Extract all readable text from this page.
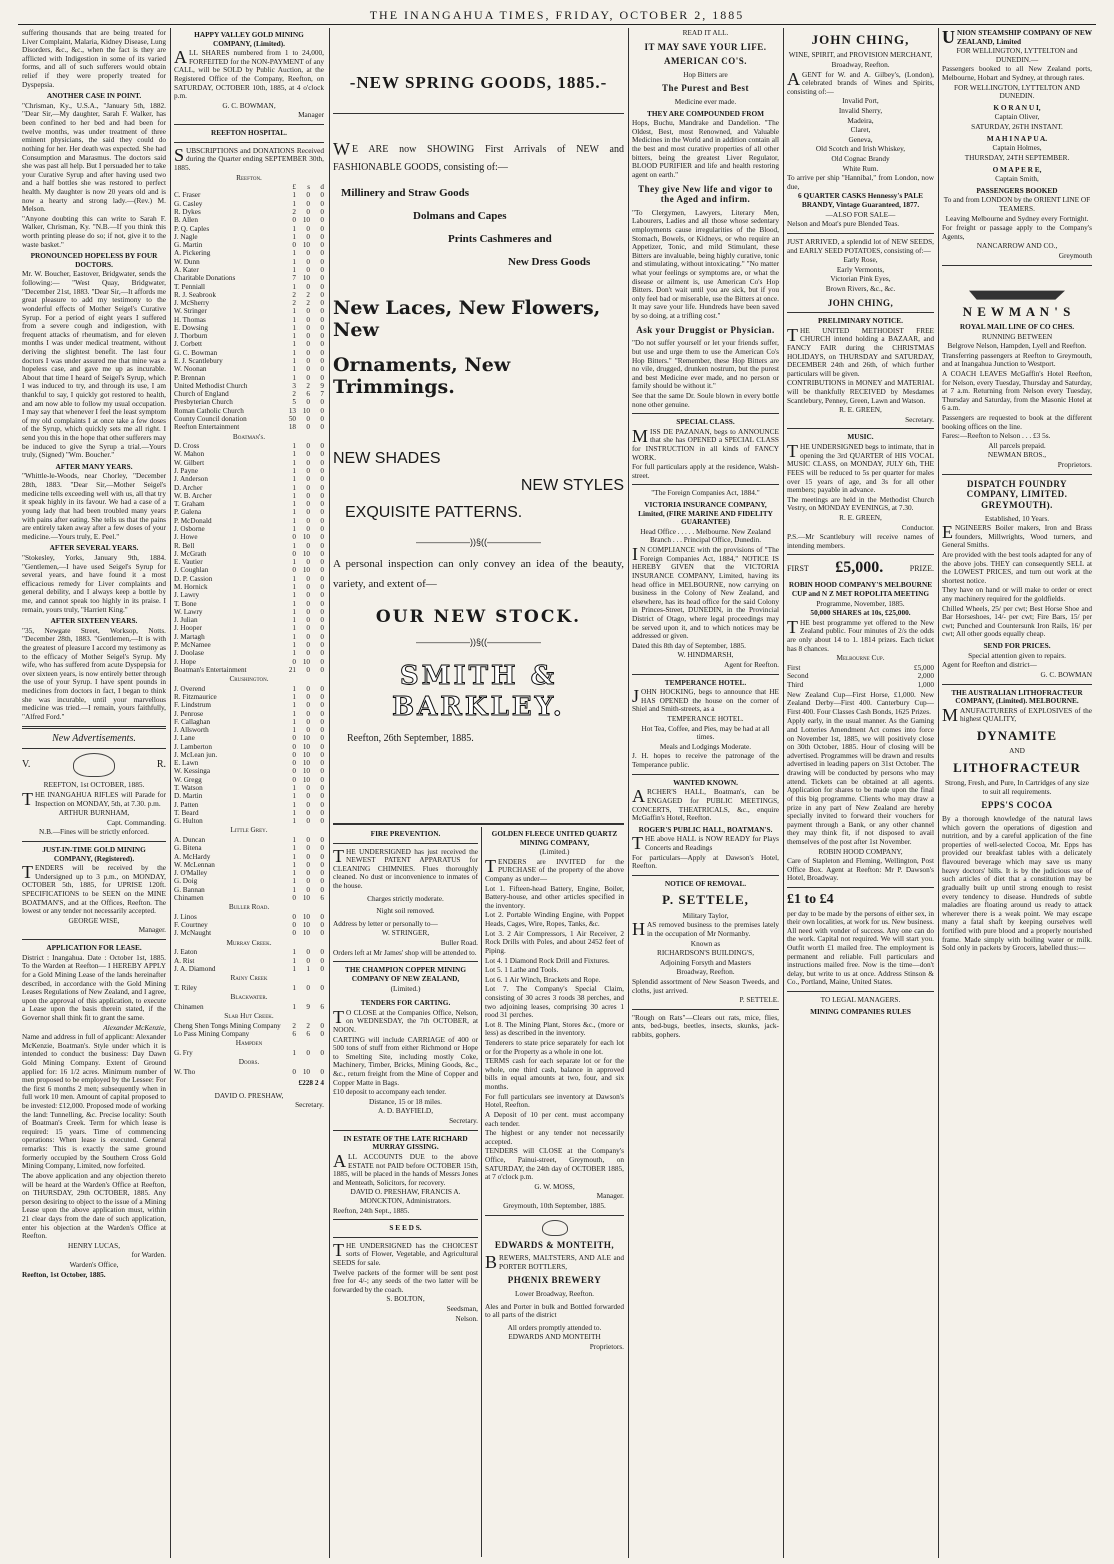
THE INANGAHUA TIMES, FRIDAY, OCTOBER 2, 1885
suffering thousands that are being treated for Liver Complaint, Malaria, Kidney Disease, Lung Disorders, &c., &c., when the fact is they are afflicted with Indigestion in some of its varied forms, and all of such sufferers would obtain relief if they were properly treated for Dyspepsia.
ANOTHER CASE IN POINT.
"Chrisman, Ky., U.S.A., "January 5th, 1882. "Dear Sir,—My daughter, Sarah F. Walker, has been confined to her bed and had been for twelve months, was under treatment of three eminent physicians, the said they could do nothing for her. Her death was expected. She had Consumption and Marasmus. The doctors said she was past all help. But I persuaded her to take your Curative Syrup and after having used two and a half bottles she was restored to perfect health. My daughter is now 20 years old and is now a hearty and strong lady.—(Rev.) M. Melson.
"Anyone doubting this can write to Sarah F. Walker, Chrisman, Ky. "N.B.—If you think this worth printing please do so; if not, give it to the waste basket."
PRONOUNCED HOPELESS BY FOUR DOCTORS.
Mr. W. Boucher, Eastover, Bridgwater, sends the following:— "West Quay, Bridgwater, "December 21st, 1883. "Dear Sir,—It affords me great pleasure to add my testimony to the wonderful effects of Mother Seigel's Curative Syrup. For a period of eight years I suffered from a severe cough and indigestion, with frequent attacks of rheumatism, and for eleven months I was under medical treatment, without deriving the slightest benefit. The last four doctors I was under assured me that mine was a hopeless case, and gave me up as incurable. About that time I heard of Seigel's Syrup, which I was induced to try, and through its use, I am thankful to say, I quickly got restored to health, and am now able to follow my usual occupation. I may say that whenever I feel the least symptom of my old complaints I at once take a few doses of the Syrup, which quickly sets me all right. I send you this in the hope that other sufferers may be induced to give the Syrup a trial.—Yours truly, (Signed) "Wm. Boucher."
AFTER MANY YEARS.
"Whittle-le-Woods, near Chorley, "December 28th, 1883. "Dear Sir,—Mother Seigel's medicine tells exceeding well with us, all that try it speak highly in its favour. We had a case of a young lady that had been troubled many years with pains after eating. She tells us that the pains are entirely taken away after a few doses of your medicine.—Yours truly, E. Peel."
AFTER SEVERAL YEARS.
"Stokesley, Yorks, January 9th, 1884. "Gentlemen,—I have used Seigel's Syrup for several years, and have found it a most efficacious remedy for Liver complaints and general debility, and I always keep a bottle by me, and cannot speak too highly in its praise. I remain, yours truly, "Harriett King."
AFTER SIXTEEN YEARS.
"35, Newgate Street, Worksop, Notts. "December 28th, 1883. "Gentlemen,—It is with the greatest of pleasure I accord my testimony as to the efficacy of Mother Seigel's Syrup. My wife, who has suffered from acute Dyspepsia for over sixteen years, is now entirely better through the use of your Syrup. I have spent pounds in medicines from doctors in fact, I began to think she was incurable, until your marvellous medicine was tried.—I remain, yours faithfully, "Alfred Ford."
New Advertisements.
V.	R.
REEFTON, 1st OCTOBER, 1885.
THE INANGAHUA RIFLES will Parade for Inspection on MONDAY, 5th, at 7.30. p.m.
ARTHUR BURNHAM,
Capt. Commanding.
N.B.—Fines will be strictly enforced.
JUST-IN-TIME GOLD MINING COMPANY, (Registered).
TENDERS will be received by the Undersigned up to 3 p.m., on MONDAY, OCTOBER 5th, 1885, for UPRISE 120ft. SPECIFICATIONS to be SEEN on the MINE BOATMAN'S, and at the Offices, Reefton. The lowest or any tender not necessarily accepted.
GEORGE WISE,
Manager.
APPLICATION FOR LEASE.
District : Inangahua. Date : October 1st, 1885. To the Warden at Reefton— I HEREBY APPLY for a Gold Mining Lease of the lands hereinafter described, in accordance with the Gold Mining Leases Regulations of New Zealand, and I agree, upon the approval of this application, to execute a Lease upon the basis therein stated, if the Governor shall think fit to grant the same.
Alexander McKenzie,
Name and address in full of applicant: Alexander McKenzie, Boatman's. Style under which it is intended to conduct the business: Day Dawn Gold Mining Company. Extent of Ground applied for: 16 1/2 acres. Minimum number of men proposed to be employed by the Lessee: For the first 6 months 2 men; subsequently when in full work 10 men. Amount of capital proposed to be invested: £12,000. Proposed mode of working the land: Tunnelling, &c. Precise locality: South of Boatman's Creek. Term for which lease is required: 15 years. Time of commencing operations: When lease is executed. General remarks: This is exactly the same ground formerly occupied by the Southern Cross Gold Mining Company, Limited, now forfeited.
The above application and any objection thereto will be heard at the Warden's Office at Reefton, on THURSDAY, 29th OCTOBER, 1885. Any person desiring to object to the issue of a Mining Lease upon the above application must, within 21 clear days from the date of such application, enter his objection at the Warden's Office at Reefton.
HENRY LUCAS,
for Warden.
Warden's Office,
Reefton, 1st October, 1885.
HAPPY VALLEY GOLD MINING COMPANY, (Limited).
ALL SHARES numbered from 1 to 24,000, FORFEITED for the NON-PAYMENT of any CALL, will be SOLD by Public Auction, at the Registered Office of the Company, Reefton, on SATURDAY, OCTOBER 10th, 1885, at 4 o'clock p.m.
G. C. BOWMAN,
Manager
REEFTON HOSPITAL.
SUBSCRIPTIONS and DONATIONS Received during the Quarter ending SEPTEMBER 30th, 1885.
Reefton.
	£	s	d
C. Fraser	1	0	0
G. Casley	1	0	0
R. Dykes	2	0	0
B. Allen	0	10	0
P. Q. Caples	1	0	0
J. Nagle	1	0	0
G. Martin	0	10	0
A. Pickering	1	0	0
W. Dunn	1	0	0
A. Kater	1	0	0
Charitable Donations	7	10	0
T. Penniall	1	0	0
R. J. Seabrook	2	2	0
J. McSherry	2	2	0
W. Stringer	1	0	0
H. Thomas	1	0	0
E. Dowsing	1	0	0
J. Thorburn	1	0	0
J. Corbett	1	0	0
G. C. Bowman	1	0	0
E. J. Scantlebury	1	0	0
W. Noonan	1	0	0
P. Brennan	1	0	0
United Methodist Church	3	2	9
Church of England	2	6	7
Presbyterian Church	5	0	0
Roman Catholic Church	13	10	0
County Council donation	50	0	0
Reefton Entertainment	18	0	0
Boatman's.
D. Cross	1	0	0
W. Mahon	1	0	0
W. Gilbert	1	0	0
J. Payne	1	0	0
J. Anderson	1	0	0
D. Archer	1	0	0
W. B. Archer	1	0	0
T. Graham	1	0	0
P. Galena	1	0	0
P. McDonald	1	0	0
J. Osborne	1	0	0
J. Howe	0	10	0
R. Bell	1	0	0
J. McGrath	0	10	0
E. Vautier	1	0	0
J. Coughlan	0	10	0
D. P. Cassion	1	0	0
M. Hornick	1	0	0
J. Lawry	1	0	0
T. Bone	1	0	0
W. Lawry	1	0	0
J. Julian	1	0	0
J. Hooper	1	0	0
J. Martagh	1	0	0
P. McNamee	1	0	0
J. Doolase	1	0	0
J. Hope	0	10	0
Boatman's Entertainment	21	0	0
Crushington.
J. Overend	1	0	0
R. Fitzmaurice	1	0	0
F. Lindstrum	1	0	0
J. Penrose	1	0	0
F. Callaghan	1	0	0
J. Allsworth	1	0	0
J. Lane	0	10	0
J. Lamberton	0	10	0
J. McLean jun.	0	10	0
E. Lawn	0	10	0
W. Kessinga	0	10	0
W. Gregg	0	10	0
T. Watson	1	0	0
D. Martin	1	0	0
J. Patten	1	0	0
T. Beard	1	0	0
G. Hulton	1	0	0
Little Grey.
A. Duncan	1	0	0
G. Bitena	1	0	0
A. McHardy	1	0	0
W. McLennan	1	0	0
J. O'Malley	1	0	0
G. Doig	1	0	0
G. Bannan	1	0	0
Chinamen	0	10	6
Buller Road.
J. Linos	0	10	0
F. Courtney	0	10	0
J. McNaught	0	10	0
Murray Creek.
J. Eaton	1	0	0
A. Rist	1	0	0
J. A. Diamond	1	1	0
Rainy Creek
T. Riley	1	0	0
Blackwater.
Chinamen	1	9	6
Slab Hut Creek.
Cheng Shen Tongs Mining Company	2	2	0
Lo Pass Mining Company	6	6	0
Hampden
G. Fry	1	0	0
Doors.
W. Tho	0	10	0
£228 2 4
DAVID O. PRESHAW,
Secretary.
-NEW SPRING GOODS, 1885.-
WE ARE now SHOWING First Arrivals of NEW and FASHIONABLE GOODS, consisting of:—
Millinery and Straw Goods
Dolmans and Capes
Prints Cashmeres and
New Dress Goods
New Laces, New Flowers, New
Ornaments, New Trimmings.
NEW SHADES
NEW STYLES
EXQUISITE PATTERNS.
——————))§((——————
A personal inspection can only convey an idea of the beauty, variety, and extent of—
OUR NEW STOCK.
——————))§((——————
SMITH & BARKLEY.
Reefton, 26th September, 1885.
FIRE PREVENTION.
THE UNDERSIGNED has just received the NEWEST PATENT APPARATUS for CLEANING CHIMNIES. Flues thoroughly cleaned. No dust or inconvenience to inmates of the house.
Charges strictly moderate.
Night soil removed.
Address by letter or personally to—
W. STRINGER,
Buller Road.
Orders left at Mr James' shop will be attended to.
THE CHAMPION COPPER MINING COMPANY OF NEW ZEALAND,
(Limited.)
TENDERS FOR CARTING.
TO CLOSE at the Companies Office, Nelson, on WEDNESDAY, the 7th OCTOBER, at NOON.
CARTING will include CARRIAGE of 400 or 500 tons of stuff from either Richmond or Hope to Smelting Site, including mostly Coke, Machinery, Timber, Bricks, Mining Goods, &c., &c., return freight from the Mine of Copper and Copper Matte in Bags.
£10 deposit to accompany each tender.
Distance, 15 or 18 miles.
A. D. BAYFIELD,
Secretary.
IN ESTATE OF THE LATE RICHARD MURRAY GISSING.
ALL ACCOUNTS DUE to the above ESTATE not PAID before OCTOBER 15th, 1885, will be placed in the hands of Messrs Jones and Menteath, Solicitors, for recovery.
DAVID O. PRESHAW, FRANCIS A. MONCKTON, Administrators.
Reefton, 24th Sept., 1885.
S E E D S.
THE UNDERSIGNED has the CHOICEST sorts of Flower, Vegetable, and Agricultural SEEDS for sale.
Twelve packets of the former will be sent post free for 4/-; any seeds of the two latter will be forwarded by the coach.
S. BOLTON,
Seedsman,
Nelson.
GOLDEN FLEECE UNITED QUARTZ MINING COMPANY,
(Limited.)
TENDERS are INVITED for the PURCHASE of the property of the above Company as under—
Lot 1. Fifteen-head Battery, Engine, Boiler, Battery-house, and other articles specified in the inventory.
Lot 2. Portable Winding Engine, with Poppet Heads, Cages, Wire, Ropes, Tanks, &c.
Lot 3. 2 Air Compressors, 1 Air Receiver, 2 Rock Drills with Poles, and about 2452 feet of Piping.
Lot 4. 1 Diamond Rock Drill and Fixtures.
Lot 5. 1 Lathe and Tools.
Lot 6. 1 Air Winch, Brackets and Rope.
Lot 7. The Company's Special Claim, consisting of 30 acres 3 roods 38 perches, and two adjoining leases, comprising 30 acres 1 rood 31 perches.
Lot 8. The Mining Plant, Stores &c., (more or less) as described in the inventory.
Tenderers to state price separately for each lot or for the Property as a whole in one lot.
TERMS cash for each separate lot or for the whole, one third cash, balance in approved bills in equal amounts at two, four, and six months.
For full particulars see inventory at Dawson's Hotel, Reefton.
A Deposit of 10 per cent. must accompany each tender.
The highest or any tender not necessarily accepted.
TENDERS will CLOSE at the Company's Office, Painui-street, Greymouth, on SATURDAY, the 24th day of OCTOBER 1885, at 7 o'clock p.m.
G. W. MOSS,
Manager.
Greymouth, 10th September, 1885.
EDWARDS & MONTEITH,
BREWERS, MALTSTERS, AND ALE and PORTER BOTTLERS,
PHŒNIX BREWERY
Lower Broadway, Reefton.
Ales and Porter in bulk and Bottled forwarded to all parts of the district
All orders promptly attended to.
EDWARDS AND MONTEITH
Proprietors.
READ IT ALL.
IT MAY SAVE YOUR LIFE.
AMERICAN CO'S.
Hop Bitters are
The Purest and Best
Medicine ever made.
THEY ARE COMPOUNDED FROM
Hops, Buchu, Mandrake and Dandelion. "The Oldest, Best, most Renowned, and Valuable Medicines in the World and in addition contain all the best and most curative properties of all other bitters, being the greatest Liver Regulator, BLOOD PURIFIER and life and health restoring agent on earth."
They give New life and vigor to the Aged and infirm.
"To Clergymen, Lawyers, Literary Men, Labourers, Ladies and all those whose sedentary employments cause irregularities of the Blood, Stomach, Bowels, or Kidneys, or who require an Appetizer, Tonic, and mild Stimulant, these Bitters are invaluable, being highly curative, tonic and stimulating, without intoxicating." "No matter what your feelings or symptoms are, or what the disease or ailment is, use American Co's Hop Bitters. Don't wait until you are sick, but if you only feel bad or miserable, use the Bitters at once. It may save your life. Hundreds have been saved by so doing, at a trifling cost."
Ask your Druggist or Physician.
"Do not suffer yourself or let your friends suffer, but use and urge them to use the American Co's Hop Bitters." "Remember, these Hop Bitters are no vile, drugged, drunken nostrum, but the purest and best Medicine ever made, and no person or family should be without it."
See that the same Dr. Soule blown in every bottle none other genuine.
SPECIAL CLASS.
MISS DE PAZANAN, begs to ANNOUNCE that she has OPENED a SPECIAL CLASS for INSTRUCTION in all kinds of FANCY WORK.
For full particulars apply at the residence, Walsh-street.
"The Foreign Companies Act, 1884."
VICTORIA INSURANCE COMPANY, Limited, (FIRE MARINE AND FIDELITY GUARANTEE)
Head Office . . . . . Melbourne. New Zealand Branch . . . Principal Office, Dunedin.
IN COMPLIANCE with the provisions of "The Foreign Companies Act, 1884," NOTICE IS HEREBY GIVEN that the VICTORIA INSURANCE COMPANY, Limited, having its head office in MELBOURNE, now carrying on business in the Colony of New Zealand, and elsewhere, has its head office for the said Colony in Princes-Street, DUNEDIN, in the Provincial District of Otago, where legal proceedings may be served upon it, and to which notices may be addressed or given.
Dated this 8th day of September, 1885.
W. HINDMARSH,
Agent for Reefton.
TEMPERANCE HOTEL.
JOHN HOCKING, begs to announce that HE HAS OPENED the house on the corner of Shiel and Smith-streets, as a
TEMPERANCE HOTEL.
Hot Tea, Coffee, and Pies, may be had at all times.
Meals and Lodgings Moderate.
J. H. hopes to receive the patronage of the Temperance public.
WANTED KNOWN.
ARCHER'S HALL, Boatman's, can be ENGAGED for PUBLIC MEETINGS, CONCERTS, THEATRICALS, &c., enquire McGaffin's Hotel, Reefton.
ROGER'S PUBLIC HALL, BOATMAN'S.
THE above HALL is NOW READY for Plays Concerts and Readings
For particulars—Apply at Dawson's Hotel, Reefton.
NOTICE OF REMOVAL.
P. SETTELE,
Military Taylor,
HAS removed business to the premises lately in the occupation of Mr Normanby.
Known as
RICHARDSON'S BUILDING'S,
Adjoining Forsyth and Masters
Broadway, Reefton.
Splendid assortment of New Season Tweeds, and cloths, just arrived.
P. SETTELE.
"Rough on Rats"—Clears out rats, mice, flies, ants, bed-bugs, beetles, insects, skunks, jack-rabbits, gophers.
JOHN CHING,
WINE, SPIRIT, and PROVISION MERCHANT,
Broadway, Reefton.
AGENT for W. and A. Gilbey's, (London), celebrated brands of Wines and Spirits, consisting of:—
Invalid Port,
Invalid Sherry,
Madeira,
Claret,
Geneva,
Old Scotch and Irish Whiskey,
Old Cognac Brandy
White Rum.
To arrive per ship "Hannibal," from London, now due,
6 QUARTER CASKS Hennessy's PALE BRANDY, Vintage Guaranteed, 1877.
—ALSO FOR SALE—
Nelson and Moat's pure Blended Teas.
JUST ARRIVED, a splendid lot of NEW SEEDS, and EARLY SEED POTATOES, consisting of:—
Early Rose,
Early Vermonts,
Victorian Pink Eyes,
Brown Rivers, &c., &c.
JOHN CHING,
PRELIMINARY NOTICE.
THE UNITED METHODIST FREE CHURCH intend holding a BAZAAR, and FANCY FAIR during the CHRISTMAS HOLIDAYS, on THURSDAY and SATURDAY, DECEMBER 24th and 26th, of which further particulars will be given.
CONTRIBUTIONS in MONEY and MATERIAL will be thankfully RECEIVED by Mesdames Scantlebury, Penney, Green, Lawn and Watson.
R. E. GREEN,
Secretary.
MUSIC.
THE UNDERSIGNED begs to intimate, that in opening the 3rd QUARTER of HIS VOCAL MUSIC CLASS, on MONDAY, JULY 6th, THE FEES will be reduced to 5s per quarter for males over 15 years of age, and 3s for all other members; payable in advance.
The meetings are held in the Methodist Church Vestry, on MONDAY EVENINGS, at 7.30.
R. E. GREEN,
Conductor.
P.S.—Mr Scantlebury will receive names of intending members.
FIRST £5,000.	PRIZE.
ROBIN HOOD COMPANY'S MELBOURNE CUP and N Z MET ROPOLITA MEETING
Programme, November, 1885.
50,000 SHARES at 10s, £25,000.
THE best programme yet offered to the New Zealand public. Four minutes of 2/s the odds are only about 14 to 1. 1814 prizes. Each ticket has 8 chances.
Melbourne Cup.
First	£5,000
Second	2,000
Third	1,000
New Zealand Cup—First Horse, £1,000. New Zealand Derby—First 400. Canterbury Cup—First 400. Four Classes Cash Bonds, 1625 Prizes.
Apply early, in the usual manner. As the Gaming and Lotteries Amendment Act comes into force on November 1st, 1885, we will positively close on 30th October, 1885. Hour of closing will be advertised. Programmes will be drawn and results advertised in leading papers on 31st October. The drawing will be conducted by persons who may attend. Tickets can be obtained at all agents. Application for shares to be made upon the final of this big programme. Clients who may draw a prize in any part of New Zealand are hereby specially invited to forward their vouchers for payment through a Bank, or any other channel they may think fit, if not disposed to avail themselves of the post after 1st November.
ROBIN HOOD COMPANY,
Care of Stapleton and Fleming, Wellington, Post Office Box. Agent at Reefton: Mr P. Dawson's Hotel, Broadway.
£1 to £4
per day to be made by the persons of either sex, in their own localities, at work for us. New business. All need with vonder of success. Any one can do the work. Capital not required. We will start you. Outfit worth £1 mailed free. The employment is permanent and reliable. Full particulars and instructions mailed free. Now is the time—don't delay, but write to us at once. Address Stinson & Co., Portland, Maine, United States.
TO LEGAL MANAGERS.
MINING COMPANIES RULES
UNION STEAMSHIP COMPANY OF NEW ZEALAND, Limited
FOR WELLINGTON, LYTTELTON and DUNEDIN.—
Passengers booked to all New Zealand ports, Melbourne, Hobart and Sydney, at through rates.
FOR WELLINGTON, LYTTELTON AND DUNEDIN.
K O R A N U I,
Captain Oliver,
SATURDAY, 26TH INSTANT.
M A H I N A P U A.
Captain Holmes,
THURSDAY, 24TH SEPTEMBER.
O M A P E R E,
Captain Smith,
PASSENGERS BOOKED
To and from LONDON by the ORIENT LINE OF TEAMERS.
Leaving Melbourne and Sydney every Fortnight.
For freight or passage apply to the Company's Agents,
NANCARROW AND CO.,
Greymouth
N E W M A N ' S
ROYAL MAIL LINE OF CO CHES.
RUNNING BETWEEN
Belgrove Nelson, Hampden, Lyell and Reefton.
Transferring passengers at Reefton to Greymouth, and at Inangahua Junction to Westport.
A COACH LEAVES McGaffin's Hotel Reefton, for Nelson, every Tuesday, Thursday and Saturday, at 7 a.m. Returning from Nelson every Tuesday, Thursday and Saturday, from the Masonic Hotel at 6 a.m.
Passengers are requested to book at the different booking offices on the line.
Fares:—Reefton to Nelson . . . £3 5s.
All parcels prepaid.
NEWMAN BROS.,
Proprietors.
DISPATCH FOUNDRY COMPANY, LIMITED. GREYMOUTH).
Established, 10 Years.
ENGINEERS Boiler makers, Iron and Brass founders, Millwrights, Wood turners, and General Smiths.
Are provided with the best tools adapted for any of the above jobs. THEY can consequently SELL at the LOWEST PRICES, and turn out work at the shortest notice.
They have on hand or will make to order or erect any machinery required for the goldfields.
Chilled Wheels, 25/ per cwt; Best Horse Shoe and Bar Horseshoes, 14/- per cwt; Fire Bars, 15/ per cwt; Punched and Countersunk Iron Rails, 16/ per cwt; All other goods equally cheap.
SEND FOR PRICES.
Special attention given to repairs.
Agent for Reefton and district—
G. C. BOWMAN
THE AUSTRALIAN LITHOFRACTEUR COMPANY, (Limited). MELBOURNE.
MANUFACTURERS of EXPLOSIVES of the highest QUALITY,
DYNAMITE
AND
LITHOFRACTEUR
Strong, Fresh, and Pure, In Cartridges of any size to suit all requirements.
EPPS'S COCOA
By a thorough knowledge of the natural laws which govern the operations of digestion and nutrition, and by a careful application of the fine properties of well-selected Cocoa, Mr. Epps has provided our breakfast tables with a delicately flavoured beverage which may save us many heavy doctors' bills. It is by the judicious use of such articles of diet that a constitution may be gradually built up until strong enough to resist every tendency to disease. Hundreds of subtle maladies are floating around us ready to attack wherever there is a weak point. We may escape many a fatal shaft by keeping ourselves well fortified with pure blood and a properly nourished frame. Made simply with boiling water or milk. Sold only in packets by Grocers, labelled thus:—
